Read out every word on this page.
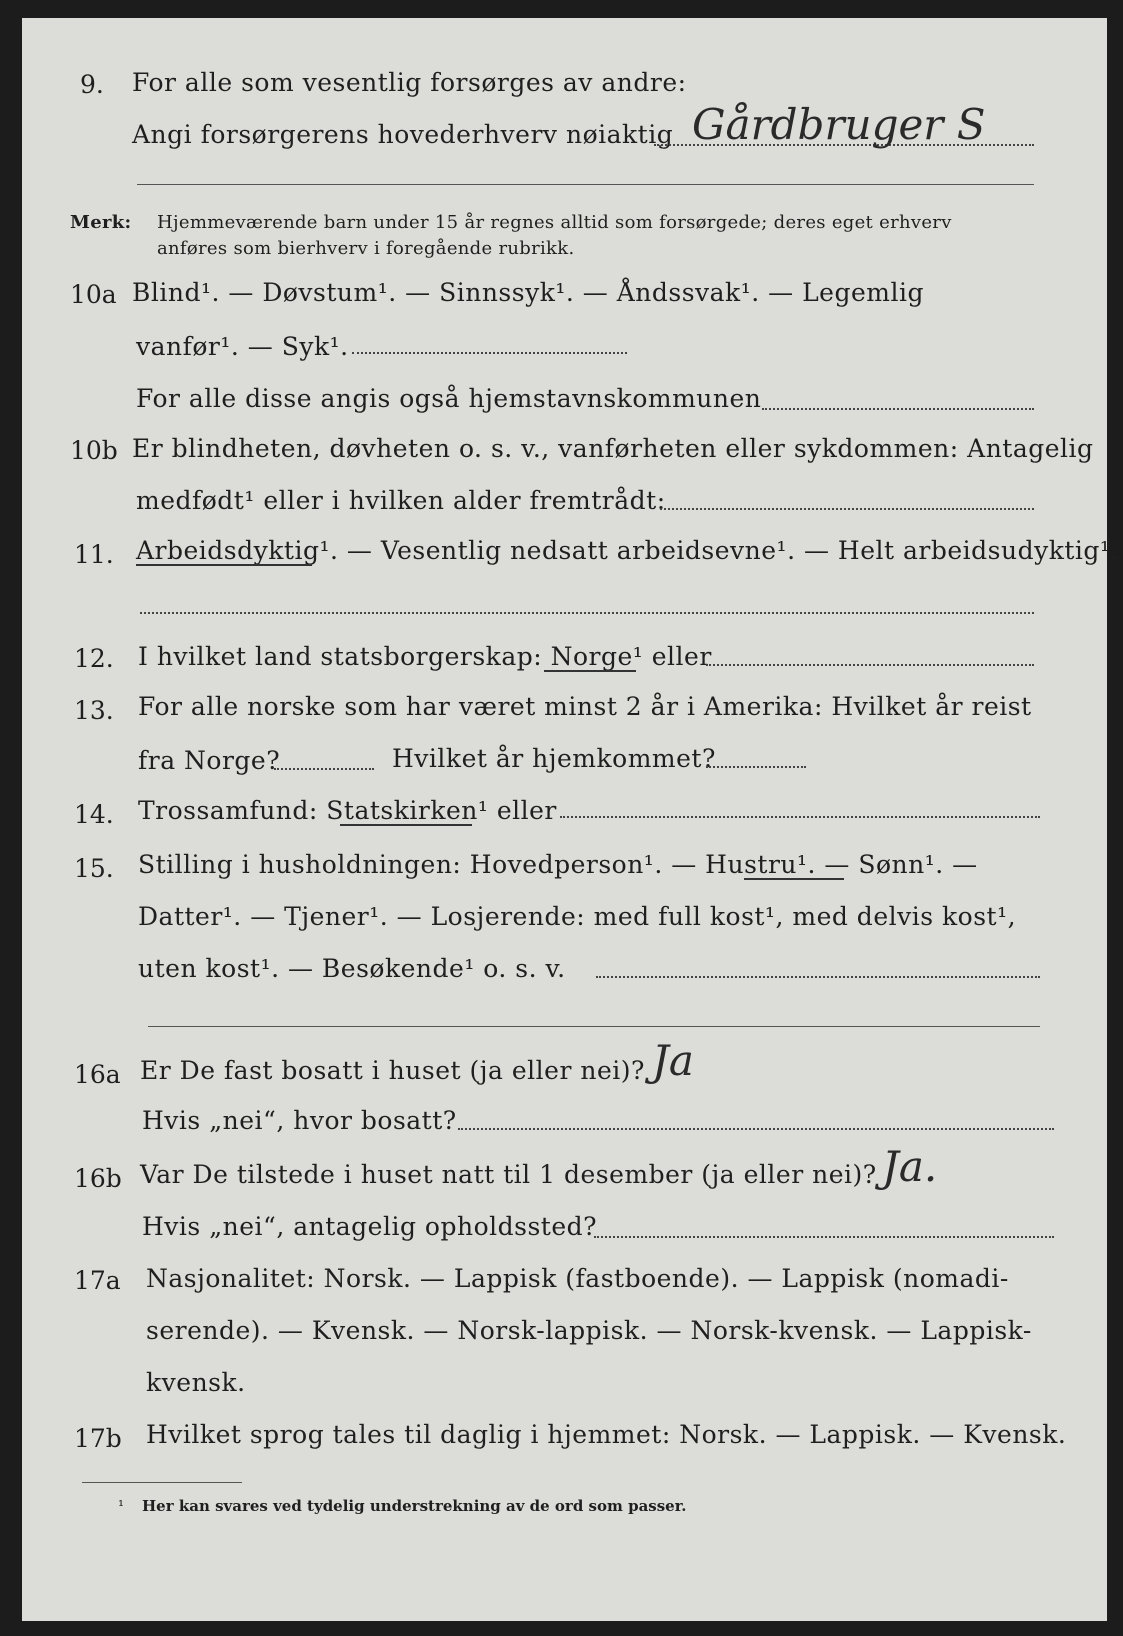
9. For alle som vesentlig forsørges av andre:
Angi forsørgerens hovederhverv nøiaktig Gårdbruger S
Merk: Hjemmeværende barn under 15 år regnes alltid som forsørgede; deres eget erhverv
anføres som bierhverv i foregående rubrikk.
10a Blind¹. — Døvstum¹. — Sinnssyk¹. — Åndssvak¹. — Legemlig
vanfør¹. — Syk¹.
For alle disse angis også hjemstavnskommunen
10b Er blindheten, døvheten o. s. v., vanførheten eller sykdommen: Antagelig
medfødt¹ eller i hvilken alder fremtrådt:
11. Arbeidsdyktig¹. — Vesentlig nedsatt arbeidsevne¹. — Helt arbeidsudyktig¹.
12. I hvilket land statsborgerskap: Norge¹ eller
13. For alle norske som har været minst 2 år i Amerika: Hvilket år reist
fra Norge?	Hvilket år hjemkommet?
14. Trossamfund: Statskirken¹ eller
15. Stilling i husholdningen: Hovedperson¹. — Hustru¹. — Sønn¹. —
Datter¹. — Tjener¹. — Losjerende: med full kost¹, med delvis kost¹,
uten kost¹. — Besøkende¹ o. s. v.
16a Er De fast bosatt i huset (ja eller nei)? Ja
Hvis „nei“, hvor bosatt?
16b Var De tilstede i huset natt til 1 desember (ja eller nei)? Ja.
Hvis „nei“, antagelig opholdssted?
17a Nasjonalitet: Norsk. — Lappisk (fastboende). — Lappisk (nomadi-
serende). — Kvensk. — Norsk-lappisk. — Norsk-kvensk. — Lappisk-
kvensk.
17b Hvilket sprog tales til daglig i hjemmet: Norsk. — Lappisk. — Kvensk.
¹ Her kan svares ved tydelig understrekning av de ord som passer.
